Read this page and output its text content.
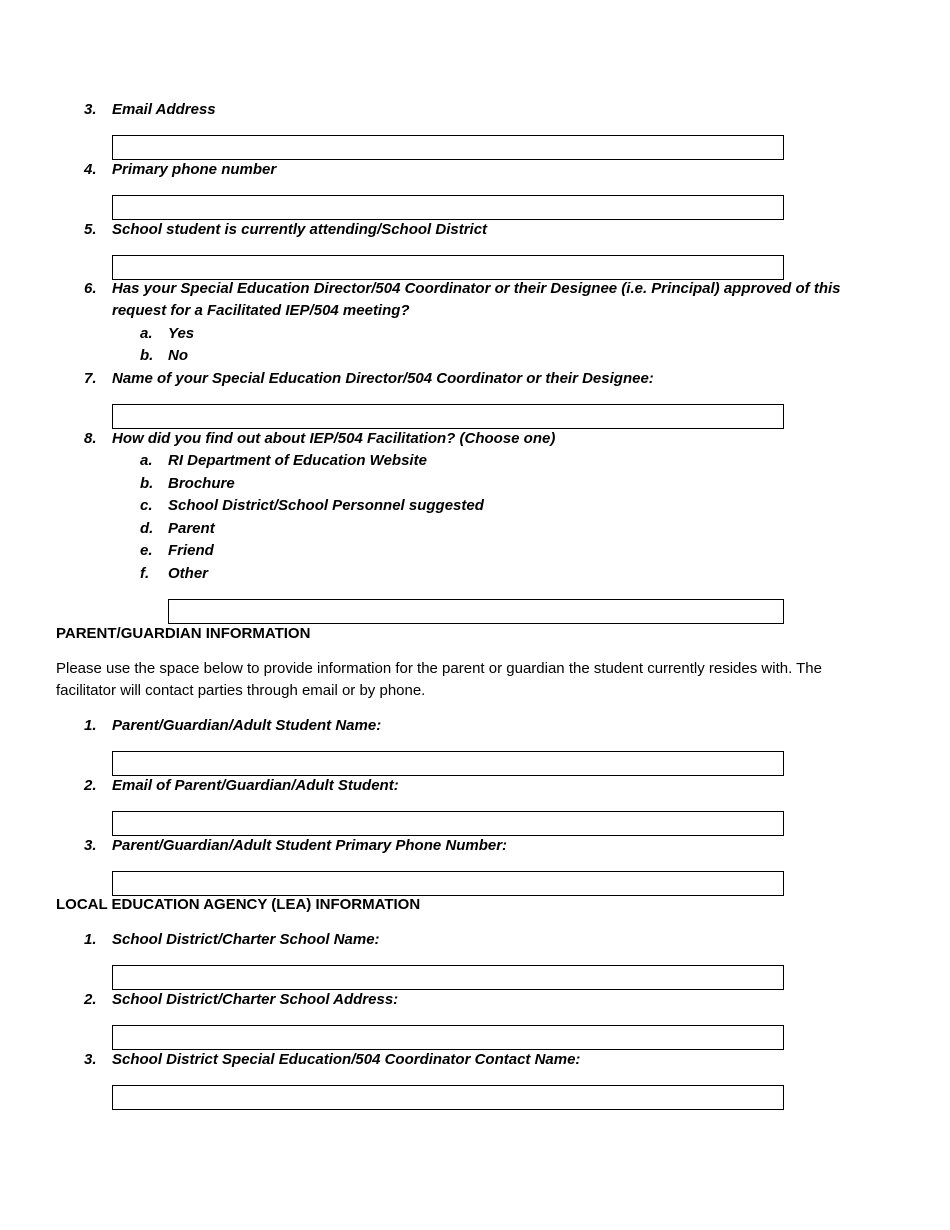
3. Email Address
4. Primary phone number
5. School student is currently attending/School District
6. Has your Special Education Director/504 Coordinator or their Designee (i.e. Principal) approved of this request for a Facilitated IEP/504 meeting?
a. Yes
b. No
7. Name of your Special Education Director/504 Coordinator or their Designee:
8. How did you find out about IEP/504 Facilitation? (Choose one)
a. RI Department of Education Website
b. Brochure
c. School District/School Personnel suggested
d. Parent
e. Friend
f. Other
PARENT/GUARDIAN INFORMATION
Please use the space below to provide information for the parent or guardian the student currently resides with. The facilitator will contact parties through email or by phone.
1. Parent/Guardian/Adult Student Name:
2. Email of Parent/Guardian/Adult Student:
3. Parent/Guardian/Adult Student Primary Phone Number:
LOCAL EDUCATION AGENCY (LEA) INFORMATION
1. School District/Charter School Name:
2. School District/Charter School Address:
3. School District Special Education/504 Coordinator Contact Name:
